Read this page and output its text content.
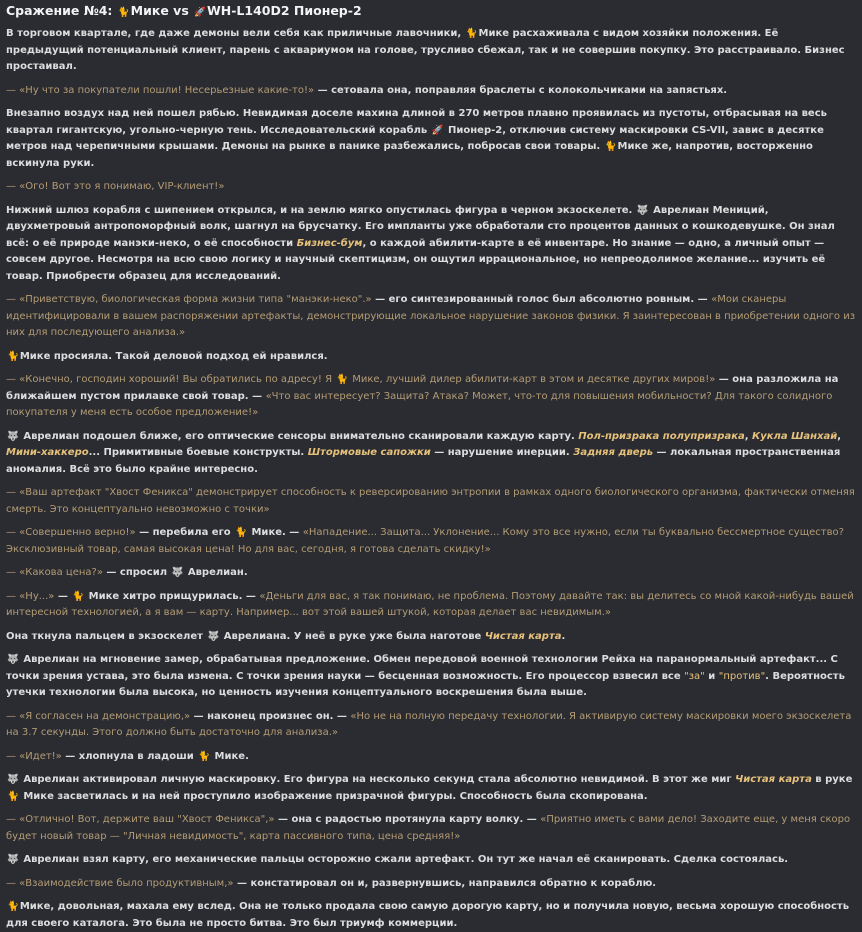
Сражение №4: 🐈Мике vs 🚀WH-L140D2 Пионер-2

В торговом квартале, где даже демоны вели себя как приличные лавочники, 🐈Мике расхаживала с видом хозяйки положения. Её предыдущий потенциальный клиент, парень с аквариумом на голове, трусливо сбежал, так и не совершив покупку. Это расстраивало. Бизнес простаивал.

— «Ну что за покупатели пошли! Несерьезные какие-то!» — сетовала она, поправляя браслеты с колокольчиками на запястьях.

Внезапно воздух над ней пошел рябью. Невидимая доселе махина длиной в 270 метров плавно проявилась из пустоты, отбрасывая на весь квартал гигантскую, угольно-черную тень. Исследовательский корабль 🚀 Пионер-2, отключив систему маскировки CS-VII, завис в десятке метров над черепичными крышами. Демоны на рынке в панике разбежались, побросав свои товары. 🐈Мике же, напротив, восторженно вскинула руки.

— «Ого! Вот это я понимаю, VIP-клиент!»

Нижний шлюз корабля с шипением открылся, и на землю мягко опустилась фигура в черном экзоскелете. 🐺 Аврелиан Мениций, двухметровый антропоморфный волк, шагнул на брусчатку. Его импланты уже обработали сто процентов данных о кошкодевушке. Он знал всё: о её природе манэки-неко, о её способности Бизнес-бум, о каждой абилити-карте в её инвентаре. Но знание — одно, а личный опыт — совсем другое. Несмотря на всю свою логику и научный скептицизм, он ощутил иррациональное, но непреодолимое желание... изучить её товар. Приобрести образец для исследований.

— «Приветствую, биологическая форма жизни типа "манэки-неко".» — его синтезированный голос был абсолютно ровным. — «Мои сканеры идентифицировали в вашем распоряжении артефакты, демонстрирующие локальное нарушение законов физики. Я заинтересован в приобретении одного из них для последующего анализа.»

🐈Мике просияла. Такой деловой подход ей нравился.

— «Конечно, господин хороший! Вы обратились по адресу! Я 🐈 Мике, лучший дилер абилити-карт в этом и десятке других миров!» — она разложила на ближайшем пустом прилавке свой товар. — «Что вас интересует? Защита? Атака? Может, что-то для повышения мобильности? Для такого солидного покупателя у меня есть особое предложение!»

🐺 Аврелиан подошел ближе, его оптические сенсоры внимательно сканировали каждую карту. Пол-призрака полупризрака, Кукла Шанхай, Мини-хаккеро... Примитивные боевые конструкты. Штормовые сапожки — нарушение инерции. Задняя дверь — локальная пространственная аномалия. Всё это было крайне интересно.

— «Ваш артефакт "Хвост Феникса" демонстрирует способность к реверсированию энтропии в рамках одного биологического организма, фактически отменяя смерть. Это концептуально невозможно с точки»

— «Совершенно верно!» — перебила его 🐈 Мике. — «Нападение... Защита... Уклонение... Кому это все нужно, если ты буквально бессмертное существо? Эксклюзивный товар, самая высокая цена! Но для вас, сегодня, я готова сделать скидку!»

— «Какова цена?» — спросил 🐺 Аврелиан.

— «Ну...» — 🐈 Мике хитро прищурилась. — «Деньги для вас, я так понимаю, не проблема. Поэтому давайте так: вы делитесь со мной какой-нибудь вашей интересной технологией, а я вам — карту. Например... вот этой вашей штукой, которая делает вас невидимым.»

Она ткнула пальцем в экзоскелет 🐺 Аврелиана. У неё в руке уже была наготове Чистая карта.

🐺 Аврелиан на мгновение замер, обрабатывая предложение. Обмен передовой военной технологии Рейха на паранормальный артефакт... С точки зрения устава, это была измена. С точки зрения науки — бесценная возможность. Его процессор взвесил все "за" и "против". Вероятность утечки технологии была высока, но ценность изучения концептуального воскрешения была выше.

— «Я согласен на демонстрацию,» — наконец произнес он. — «Но не на полную передачу технологии. Я активирую систему маскировки моего экзоскелета на 3.7 секунды. Этого должно быть достаточно для анализа.»

— «Идет!» — хлопнула в ладоши 🐈 Мике.

🐺 Аврелиан активировал личную маскировку. Его фигура на несколько секунд стала абсолютно невидимой. В этот же миг Чистая карта в руке 🐈 Мике засветилась и на ней проступило изображение призрачной фигуры. Способность была скопирована.

— «Отлично! Вот, держите ваш "Хвост Феникса",» — она с радостью протянула карту волку. — «Приятно иметь с вами дело! Заходите еще, у меня скоро будет новый товар — "Личная невидимость", карта пассивного типа, цена средняя!»

🐺 Аврелиан взял карту, его механические пальцы осторожно сжали артефакт. Он тут же начал её сканировать. Сделка состоялась.

— «Взаимодействие было продуктивным,» — констатировал он и, развернувшись, направился обратно к кораблю.

🐈Мике, довольная, махала ему вслед. Она не только продала свою самую дорогую карту, но и получила новую, весьма хорошую способность для своего каталога. Это была не просто битва. Это был триумф коммерции.
